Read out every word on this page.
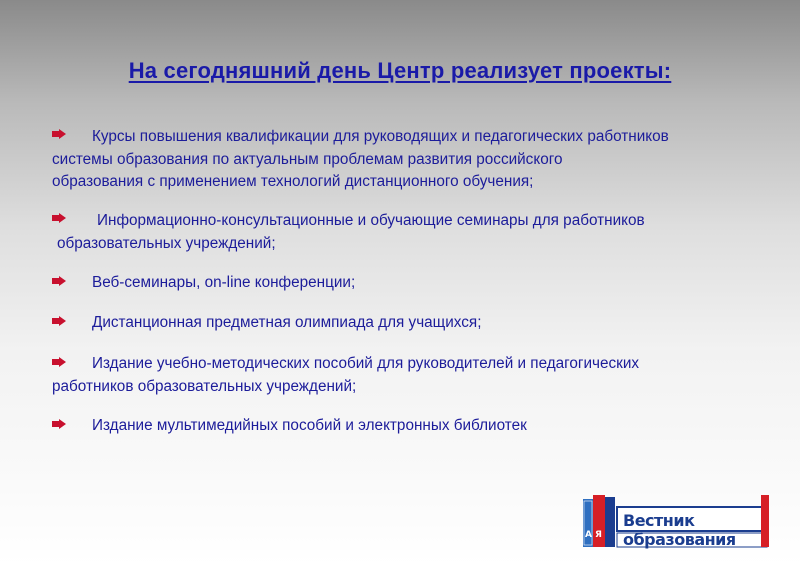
На сегодняшний день Центр реализует проекты:
Курсы повышения квалификации для руководящих и педагогических работников
системы образования по актуальным проблемам развития российского
образования с применением технологий дистанционного обучения;
Информационно-консультационные и обучающие семинары для работников
образовательных учреждений;
Веб-семинары, on-line конференции;
Дистанционная предметная олимпиада для учащихся;
Издание учебно-методических пособий для руководителей и педагогических
работников образовательных учреждений;
Издание мультимедийных пособий и электронных библиотек
А Я
Вестник образования
